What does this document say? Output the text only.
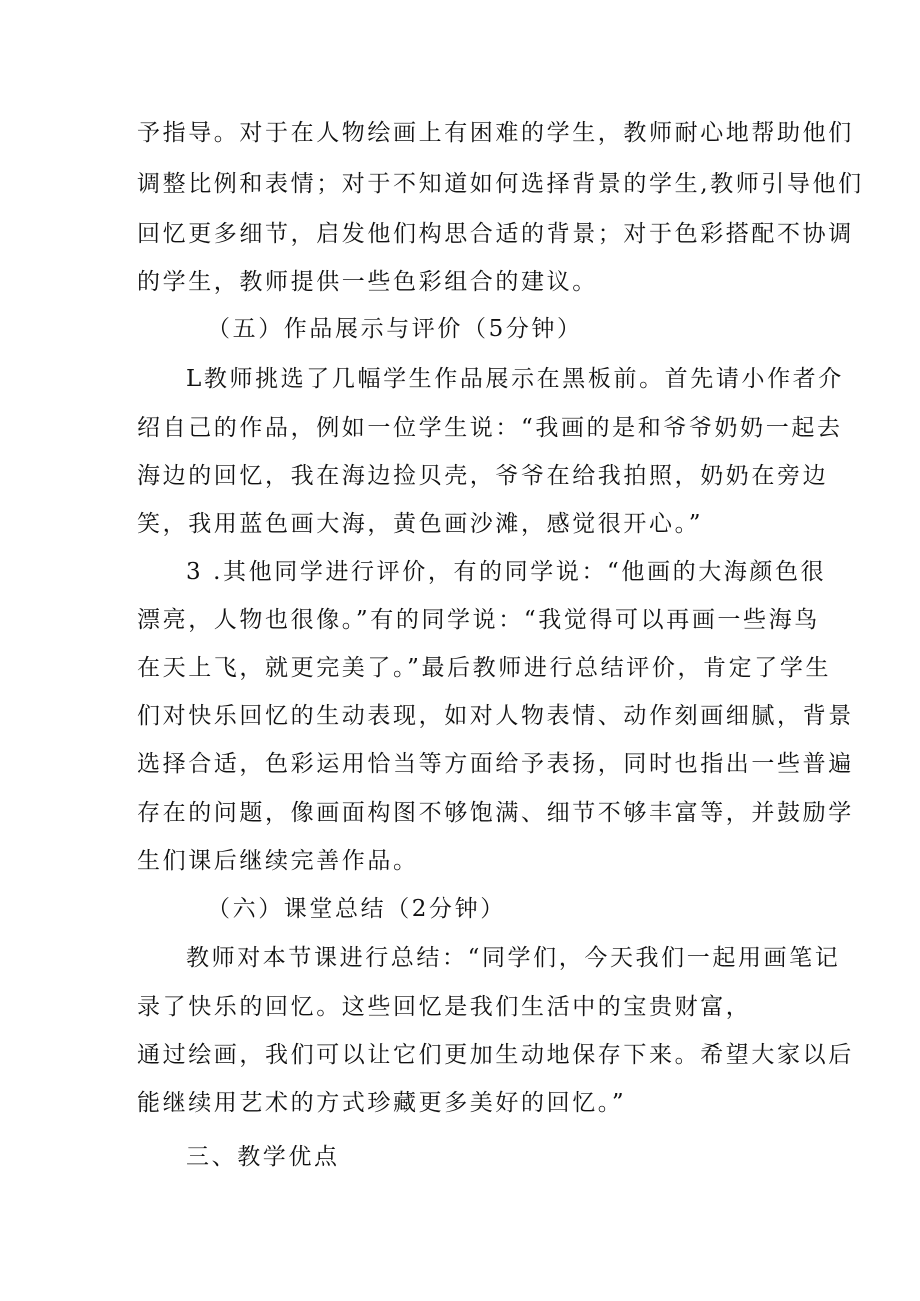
予指导。对于在人物绘画上有困难的学生，教师耐心地帮助他们
调整比例和表情；对于不知道如何选择背景的学生,教师引导他们
回忆更多细节，启发他们构思合适的背景；对于色彩搭配不协调
的学生，教师提供一些色彩组合的建议。
（五）作品展示与评价（5分钟）
L教师挑选了几幅学生作品展示在黑板前。首先请小作者介
绍自己的作品，例如一位学生说：“我画的是和爷爷奶奶一起去
海边的回忆，我在海边捡贝壳，爷爷在给我拍照，奶奶在旁边
笑，我用蓝色画大海，黄色画沙滩，感觉很开心。”
3 .其他同学进行评价，有的同学说：“他画的大海颜色很
漂亮，人物也很像。”有的同学说：“我觉得可以再画一些海鸟
在天上飞，就更完美了。”最后教师进行总结评价，肯定了学生
们对快乐回忆的生动表现，如对人物表情、动作刻画细腻，背景
选择合适，色彩运用恰当等方面给予表扬，同时也指出一些普遍
存在的问题，像画面构图不够饱满、细节不够丰富等，并鼓励学
生们课后继续完善作品。
（六）课堂总结（2分钟）
教师对本节课进行总结：“同学们，今天我们一起用画笔记
录了快乐的回忆。这些回忆是我们生活中的宝贵财富，
通过绘画，我们可以让它们更加生动地保存下来。希望大家以后
能继续用艺术的方式珍藏更多美好的回忆。”
三、教学优点
